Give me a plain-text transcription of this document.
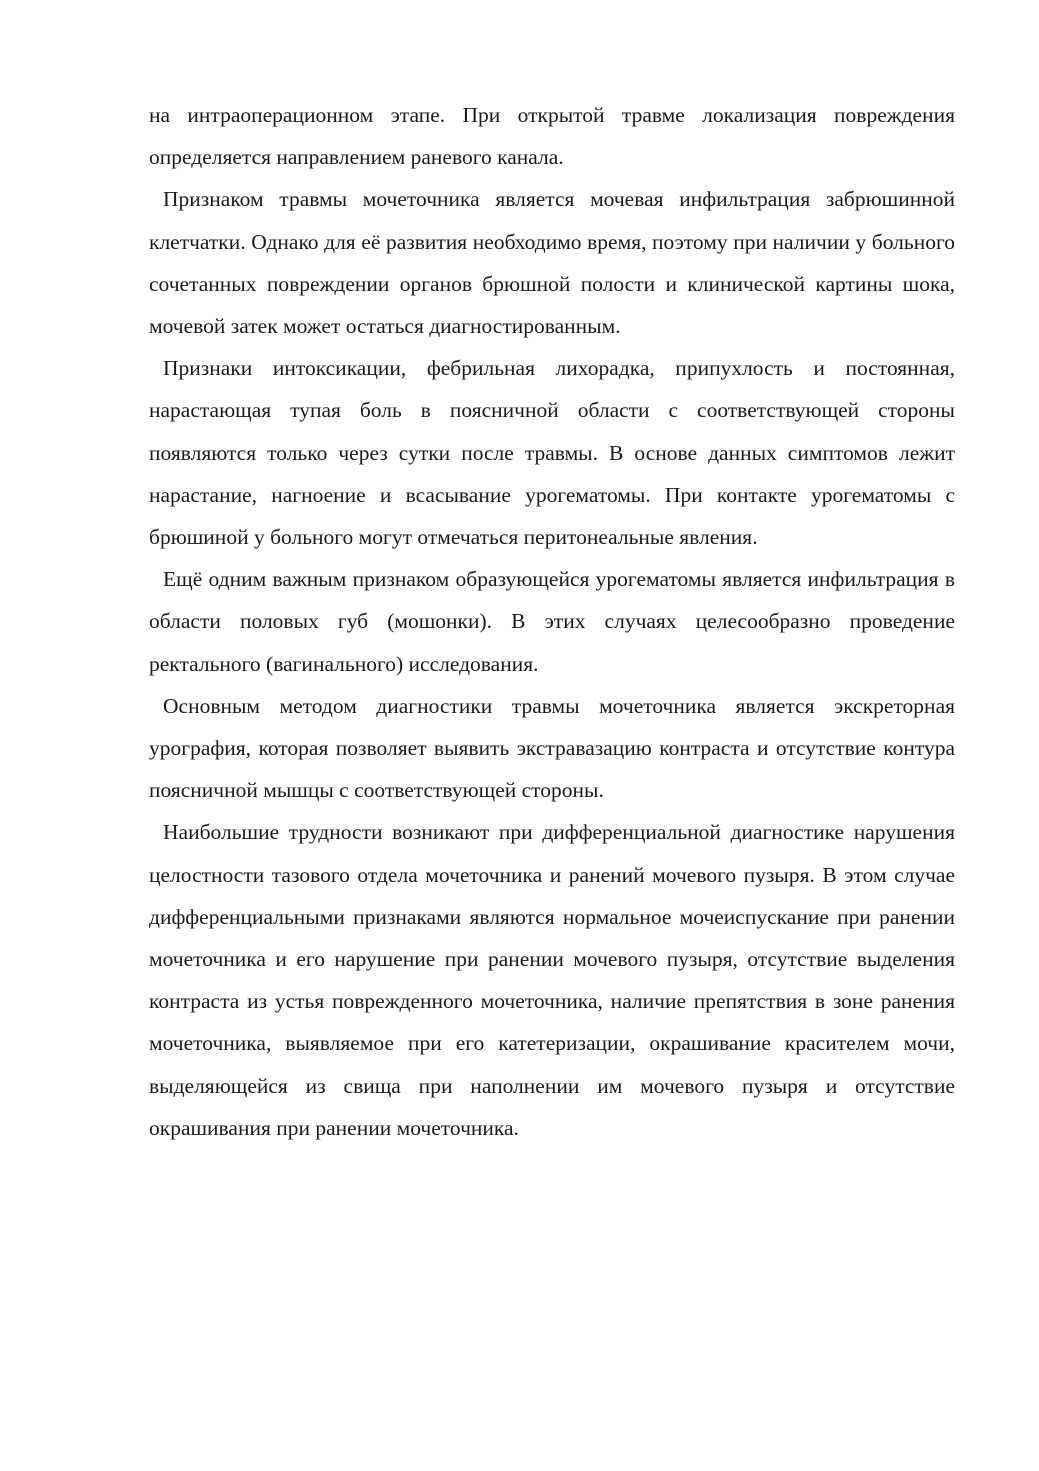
на интраоперационном этапе. При открытой травме локализация повреждения определяется направлением раневого канала.

Признаком травмы мочеточника является мочевая инфильтрация забрюшинной клетчатки. Однако для её развития необходимо время, поэтому при наличии у больного сочетанных повреждении органов брюшной полости и клинической картины шока, мочевой затек может остаться диагностированным.

Признаки интоксикации, фебрильная лихорадка, припухлость и постоянная, нарастающая тупая боль в поясничной области с соответствующей стороны появляются только через сутки после травмы. В основе данных симптомов лежит нарастание, нагноение и всасывание урогематомы. При контакте урогематомы с брюшиной у больного могут отмечаться перитонеальные явления.

Ещё одним важным признаком образующейся урогематомы является инфильтрация в области половых губ (мошонки). В этих случаях целесообразно проведение ректального (вагинального) исследования.

Основным методом диагностики травмы мочеточника является экскреторная урография, которая позволяет выявить экстравазацию контраста и отсутствие контура поясничной мышцы с соответствующей стороны.

Наибольшие трудности возникают при дифференциальной диагностике нарушения целостности тазового отдела мочеточника и ранений мочевого пузыря. В этом случае дифференциальными признаками являются нормальное мочеиспускание при ранении мочеточника и его нарушение при ранении мочевого пузыря, отсутствие выделения контраста из устья поврежденного мочеточника, наличие препятствия в зоне ранения мочеточника, выявляемое при его катетеризации, окрашивание красителем мочи, выделяющейся из свища при наполнении им мочевого пузыря и отсутствие окрашивания при ранении мочеточника.
